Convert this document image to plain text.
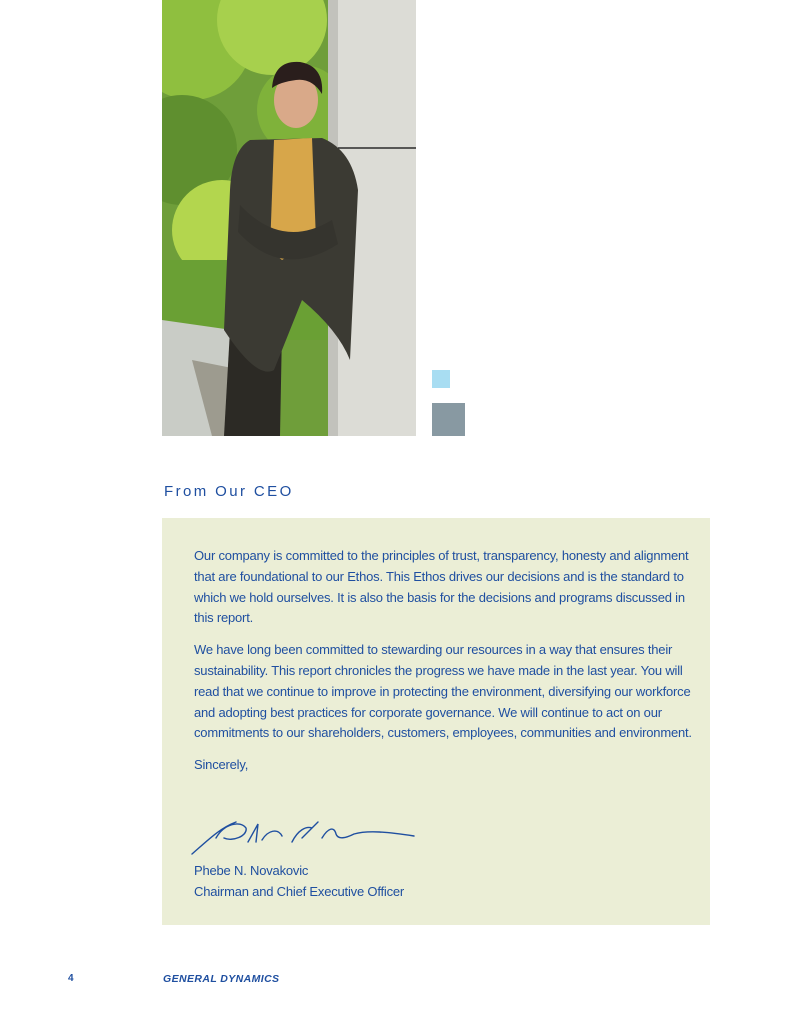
From Our CEO

Our company is committed to the principles of trust, transparency, honesty and alignment that are foundational to our Ethos. This Ethos drives our decisions and is the standard to which we hold ourselves. It is also the basis for the decisions and programs discussed in this report.

We have long been committed to stewarding our resources in a way that ensures their sustainability. This report chronicles the progress we have made in the last year. You will read that we continue to improve in protecting the environment, diversifying our workforce and adopting best practices for corporate governance. We will continue to act on our commitments to our shareholders, customers, employees, communities and environment.

Sincerely,

Phebe N. Novakovic
Chairman and Chief Executive Officer
4	GENERAL DYNAMICS
